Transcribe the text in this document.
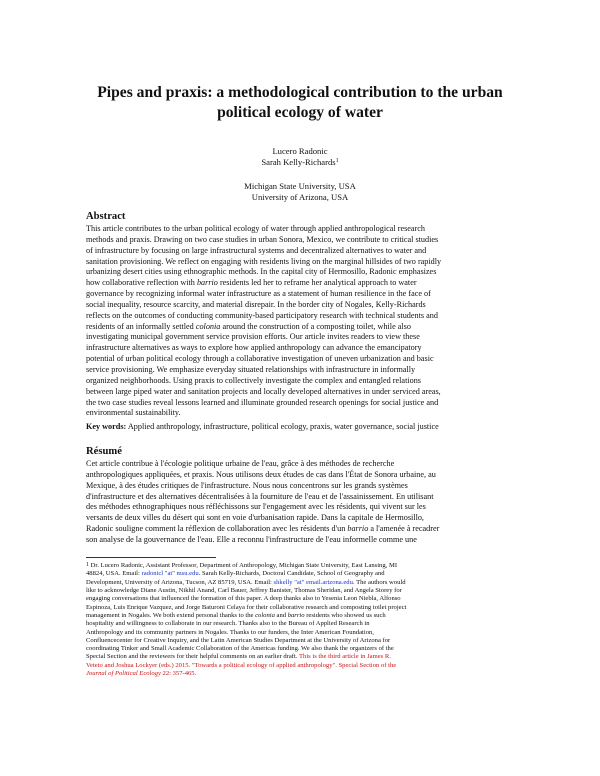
Pipes and praxis: a methodological contribution to the urban political ecology of water
Lucero Radonic
Sarah Kelly-Richards$^1$
Michigan State University, USA
University of Arizona, USA
Abstract
This article contributes to the urban political ecology of water through applied anthropological research
methods and praxis. Drawing on two case studies in urban Sonora, Mexico, we contribute to critical studies
of infrastructure by focusing on large infrastructural systems and decentralized alternatives to water and
sanitation provisioning. We reflect on engaging with residents living on the marginal hillsides of two rapidly
urbanizing desert cities using ethnographic methods. In the capital city of Hermosillo, Radonic emphasizes
how collaborative reflection with barrio residents led her to reframe her analytical approach to water
governance by recognizing informal water infrastructure as a statement of human resilience in the face of
social inequality, resource scarcity, and material disrepair. In the border city of Nogales, Kelly-Richards
reflects on the outcomes of conducting community-based participatory research with technical students and
residents of an informally settled colonia around the construction of a composting toilet, while also
investigating municipal government service provision efforts. Our article invites readers to view these
infrastructure alternatives as ways to explore how applied anthropology can advance the emancipatory
potential of urban political ecology through a collaborative investigation of uneven urbanization and basic
service provisioning. We emphasize everyday situated relationships with infrastructure in informally
organized neighborhoods. Using praxis to collectively investigate the complex and entangled relations
between large piped water and sanitation projects and locally developed alternatives in under serviced areas,
the two case studies reveal lessons learned and illuminate grounded research openings for social justice and
environmental sustainability.
Key words: Applied anthropology, infrastructure, political ecology, praxis, water governance, social justice
Résumé
Cet article contribue à l'écologie politique urbaine de l'eau, grâce à des méthodes de recherche
anthropologiques appliquées, et praxis. Nous utilisons deux études de cas dans l'État de Sonora urbaine, au
Mexique, à des études critiques de l'infrastructure. Nous nous concentrons sur les grands systèmes
d'infrastructure et des alternatives décentralisées à la fourniture de l'eau et de l'assainissement. En utilisant
des méthodes ethnographiques nous réfléchissons sur l'engagement avec les résidents, qui vivent sur les
versants de deux villes du désert qui sont en voie d'urbanisation rapide. Dans la capitale de Hermosillo,
Radonic souligne comment la réflexion de collaboration avec les résidents d'un barrio a l'amenée à recadrer
son analyse de la gouvernance de l'eau. Elle a reconnu l'infrastructure de l'eau informelle comme une
$^1$ Dr. Lucero Radonic, Assistant Professor, Department of Anthropology, Michigan State University, East Lansing, MI
48824, USA. Email: radonicl "at" msu.edu. Sarah Kelly-Richards, Doctoral Candidate, School of Geography and
Development, University of Arizona, Tucson, AZ 85719, USA. Email: shkelly "at" email.arizona.edu. The authors would
like to acknowledge Diane Austin, Nikhil Anand, Carl Bauer, Jeffrey Banister, Thomas Sheridan, and Angela Storey for
engaging conversations that influenced the formation of this paper. A deep thanks also to Yesenia Leon Niebla, Alfonso
Espinoza, Luis Enrique Vazquez, and Jorge Baturoni Celaya for their collaborative research and composting toilet project
management in Nogales. We both extend personal thanks to the colonia and barrio residents who showed us such
hospitality and willingness to collaborate in our research. Thanks also to the Bureau of Applied Research in
Anthropology and its community partners in Nogales. Thanks to our funders, the Inter American Foundation,
Confluencecenter for Creative Inquiry, and the Latin American Studies Department at the University of Arizona for
coordinating Tinker and Small Academic Collaboration of the Americas funding. We also thank the organizers of the
Special Section and the reviewers for their helpful comments on an earlier draft. This is the third article in James R.
Veteto and Joshua Lockyer (eds.) 2015. "Towards a political ecology of applied anthropology". Special Section of the
Journal of Political Ecology 22: 357-465.
